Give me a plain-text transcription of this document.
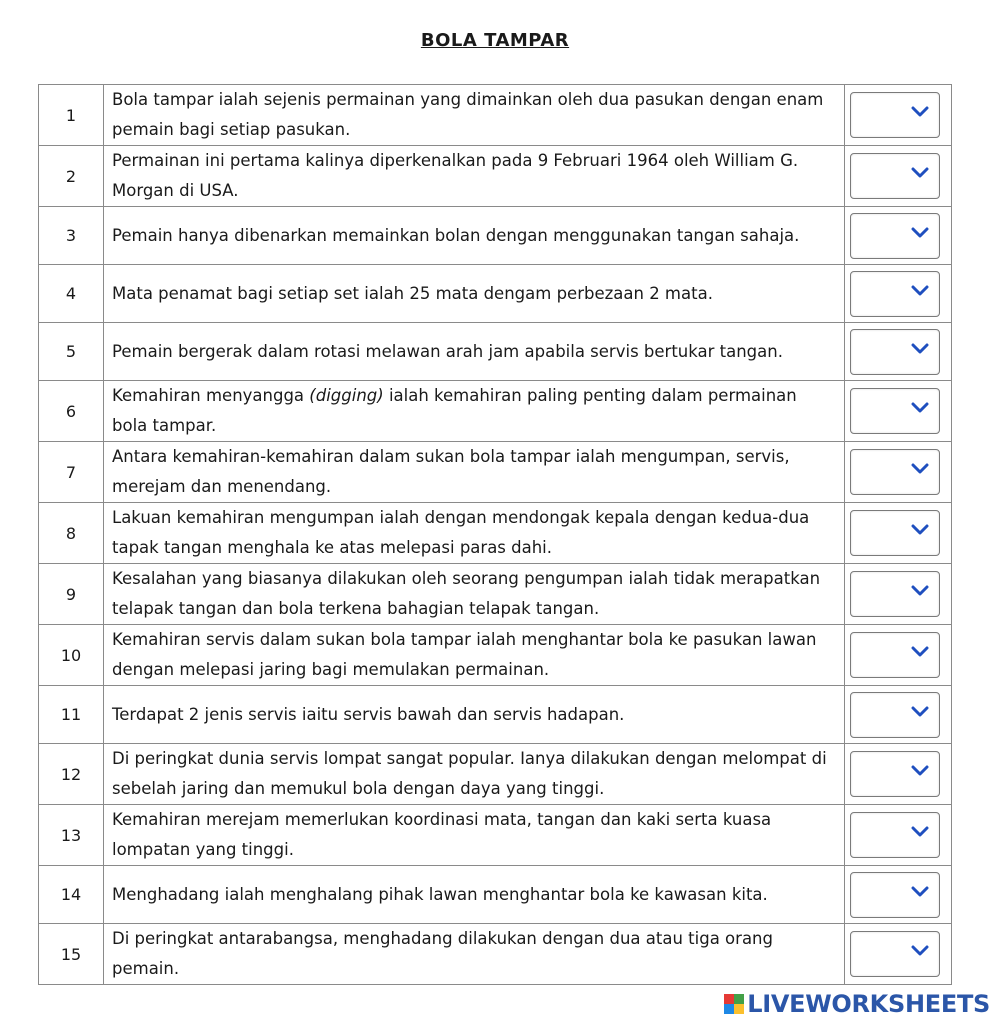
BOLA TAMPAR
1	Bola tampar ialah sejenis permainan yang dimainkan oleh dua pasukan dengan enam pemain bagi setiap pasukan.	

2	Permainan ini pertama kalinya diperkenalkan pada 9 Februari 1964 oleh William G. Morgan di USA.	

3	Pemain hanya dibenarkan memainkan bolan dengan menggunakan tangan sahaja.	

4	Mata penamat bagi setiap set ialah 25 mata dengam perbezaan 2 mata.	

5	Pemain bergerak dalam rotasi melawan arah jam apabila servis bertukar tangan.	

6	Kemahiran menyangga (digging) ialah kemahiran paling penting dalam permainan bola tampar.	

7	Antara kemahiran-kemahiran dalam sukan bola tampar ialah mengumpan, servis, merejam dan menendang.	

8	Lakuan kemahiran mengumpan ialah dengan mendongak kepala dengan kedua-dua tapak tangan menghala ke atas melepasi paras dahi.	

9	Kesalahan yang biasanya dilakukan oleh seorang pengumpan ialah tidak merapatkan telapak tangan dan bola terkena bahagian telapak tangan.	

10	Kemahiran servis dalam sukan bola tampar ialah menghantar bola ke pasukan lawan dengan melepasi jaring bagi memulakan permainan.	

11	Terdapat 2 jenis servis iaitu servis bawah dan servis hadapan.	

12	Di peringkat dunia servis lompat sangat popular. Ianya dilakukan dengan melompat di sebelah jaring dan memukul bola dengan daya yang tinggi.	

13	Kemahiran merejam memerlukan koordinasi mata, tangan dan kaki serta kuasa lompatan yang tinggi.	

14	Menghadang ialah menghalang pihak lawan menghantar bola ke kawasan kita.	

15	Di peringkat antarabangsa, menghadang dilakukan dengan dua atau tiga orang pemain.	
LIVEWORKSHEETS
